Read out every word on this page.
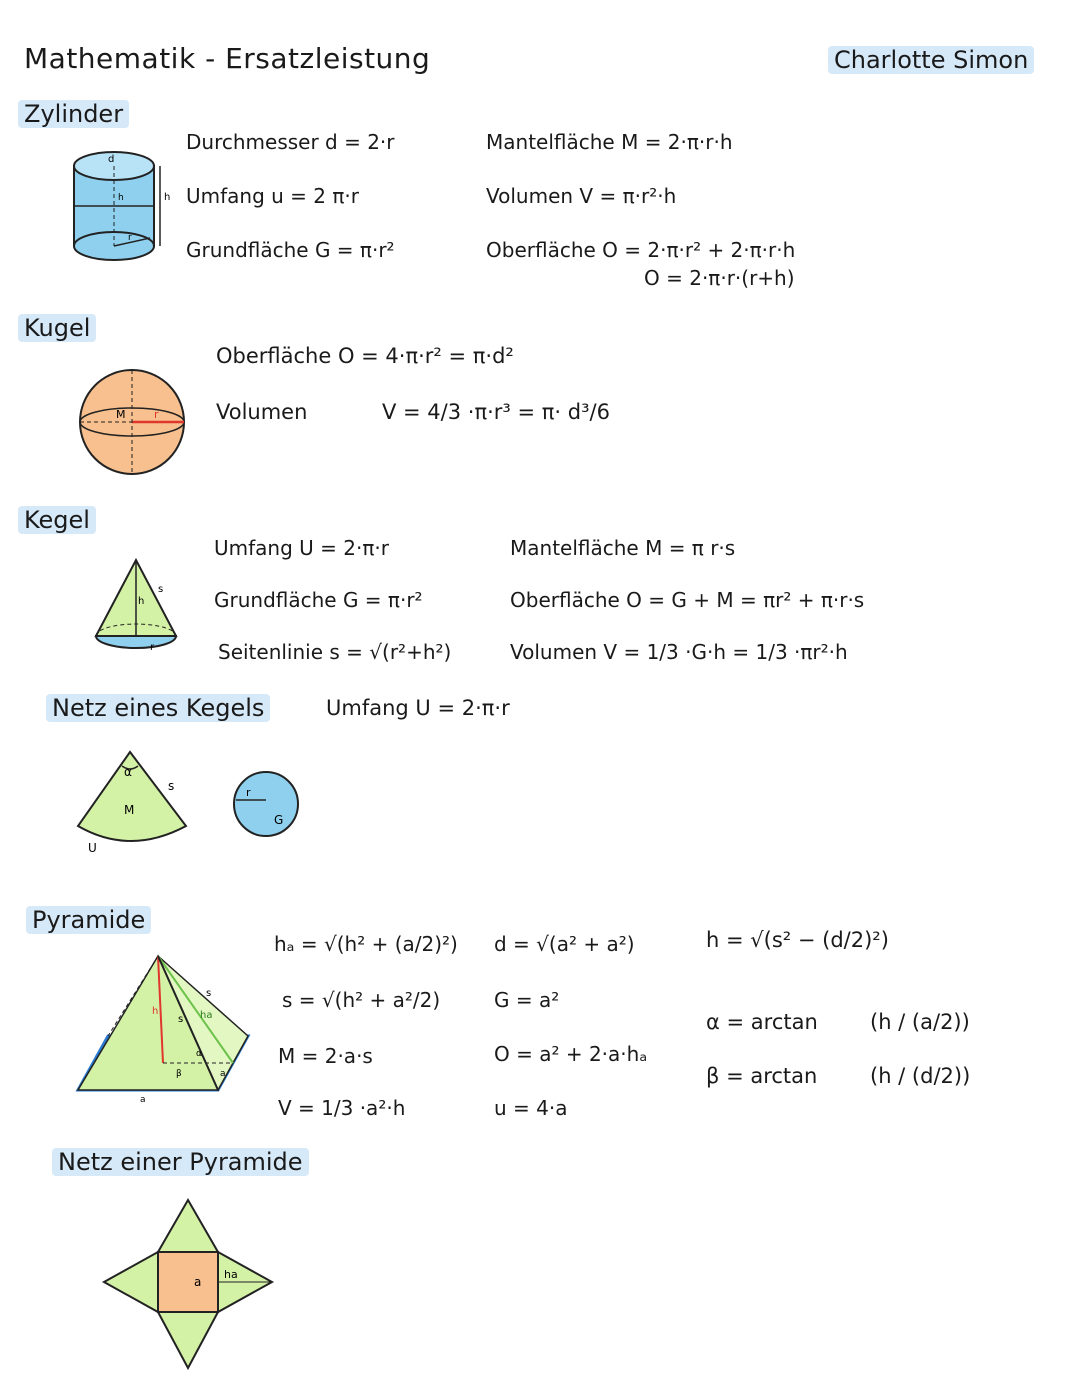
Mathematik - Ersatzleistung	Charlotte Simon
Zylinder
d
h
r
h
Durchmesser d = 2·r
Umfang u = 2 π·r
Grundfläche G = π·r²
Mantelfläche M = 2·π·r·h
Volumen V = π·r²·h
Oberfläche O = 2·π·r² + 2·π·r·h
O = 2·π·r·(r+h)
Kugel
M	r
Oberfläche O = 4·π·r² = π·d²
Volumen	V = 4/3 ·π·r³ = π· d³/6
Kegel
h
s
r
Umfang U = 2·π·r
Grundfläche G = π·r²
Seitenlinie s = √(r²+h²)
Mantelfläche M = π r·s
Oberfläche O = G + M = πr² + π·r·s
Volumen V = 1/3 ·G·h = 1/3 ·πr²·h
Netz eines Kegels	Umfang U = 2·π·r
α
s
M
U
r
G
Pyramide
h
s ha
s
α
β
a
a
hₐ = √(h² + (a/2)²)
s = √(h² + a²/2)
M = 2·a·s
V = 1/3 ·a²·h
d = √(a² + a²)
G = a²
O = a² + 2·a·hₐ
u = 4·a
h = √(s² − (d/2)²)
α = arctan (h / (a/2))
β = arctan	(h / (d/2))
Netz einer Pyramide
a
ha
